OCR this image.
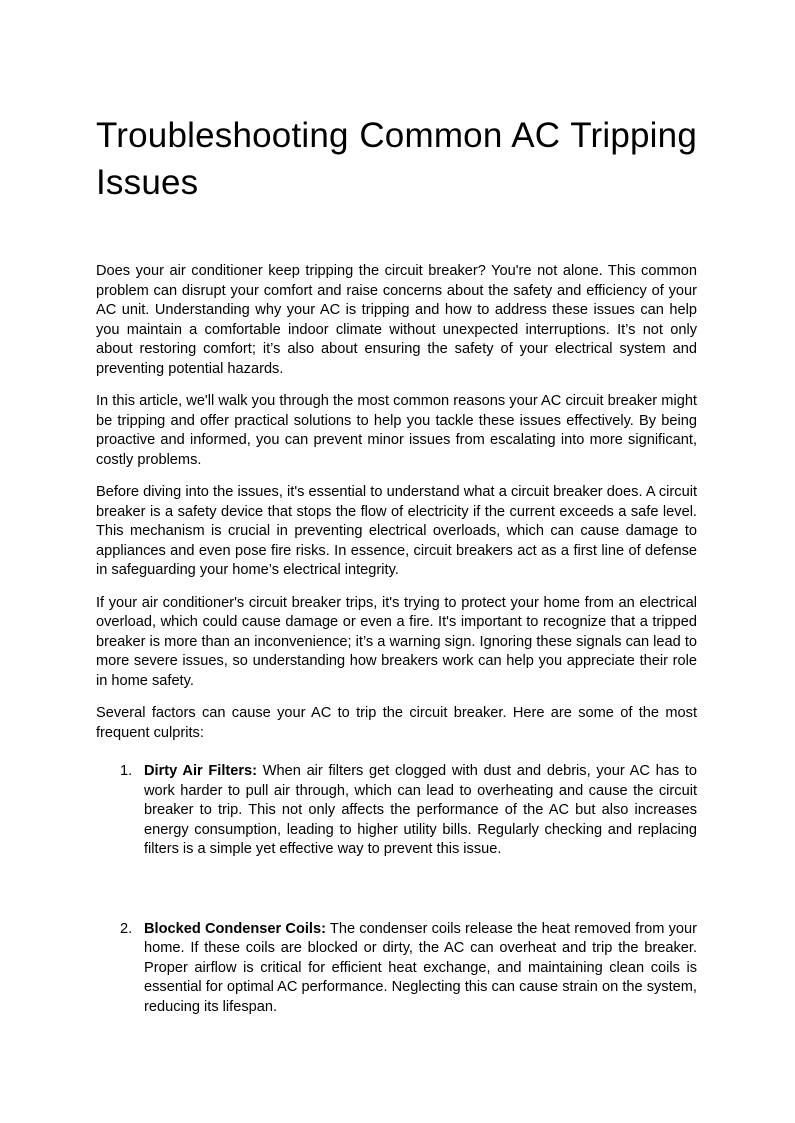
Troubleshooting Common AC Tripping Issues

Does your air conditioner keep tripping the circuit breaker? You're not alone. This common problem can disrupt your comfort and raise concerns about the safety and efficiency of your AC unit. Understanding why your AC is tripping and how to address these issues can help you maintain a comfortable indoor climate without unexpected interruptions. It’s not only about restoring comfort; it’s also about ensuring the safety of your electrical system and preventing potential hazards.

In this article, we'll walk you through the most common reasons your AC circuit breaker might be tripping and offer practical solutions to help you tackle these issues effectively. By being proactive and informed, you can prevent minor issues from escalating into more significant, costly problems.

Before diving into the issues, it's essential to understand what a circuit breaker does. A circuit breaker is a safety device that stops the flow of electricity if the current exceeds a safe level. This mechanism is crucial in preventing electrical overloads, which can cause damage to appliances and even pose fire risks. In essence, circuit breakers act as a first line of defense in safeguarding your home’s electrical integrity.

If your air conditioner's circuit breaker trips, it's trying to protect your home from an electrical overload, which could cause damage or even a fire. It's important to recognize that a tripped breaker is more than an inconvenience; it’s a warning sign. Ignoring these signals can lead to more severe issues, so understanding how breakers work can help you appreciate their role in home safety.

Several factors can cause your AC to trip the circuit breaker. Here are some of the most frequent culprits:

1. Dirty Air Filters: When air filters get clogged with dust and debris, your AC has to work harder to pull air through, which can lead to overheating and cause the circuit breaker to trip. This not only affects the performance of the AC but also increases energy consumption, leading to higher utility bills. Regularly checking and replacing filters is a simple yet effective way to prevent this issue.
2. Blocked Condenser Coils: The condenser coils release the heat removed from your home. If these coils are blocked or dirty, the AC can overheat and trip the breaker. Proper airflow is critical for efficient heat exchange, and maintaining clean coils is essential for optimal AC performance. Neglecting this can cause strain on the system, reducing its lifespan.
